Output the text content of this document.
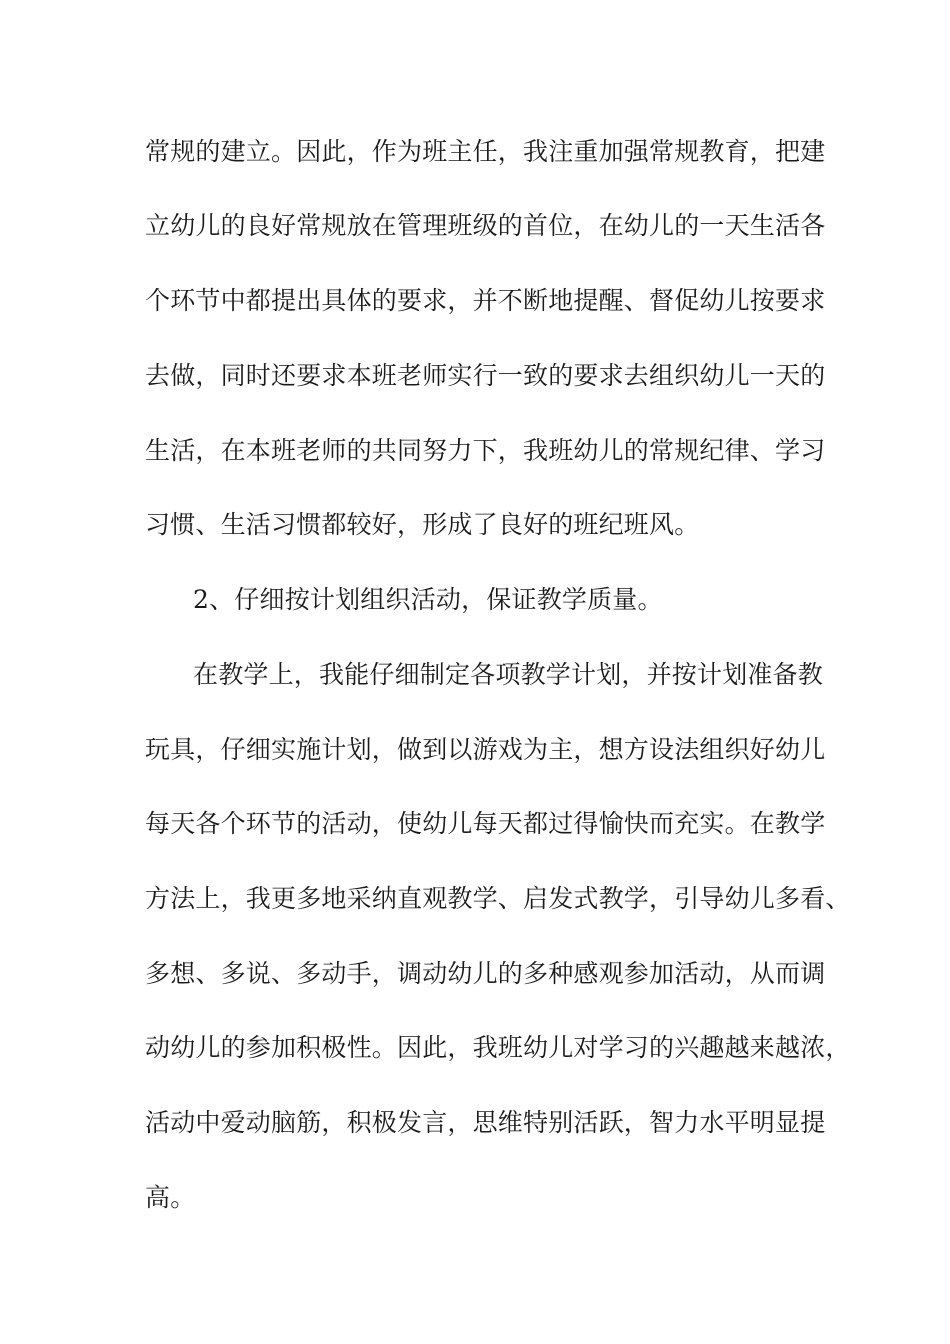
常规的建立。因此，作为班主任，我注重加强常规教育，把建
立幼儿的良好常规放在管理班级的首位，在幼儿的一天生活各
个环节中都提出具体的要求，并不断地提醒、督促幼儿按要求
去做，同时还要求本班老师实行一致的要求去组织幼儿一天的
生活，在本班老师的共同努力下，我班幼儿的常规纪律、学习
习惯、生活习惯都较好，形成了良好的班纪班风。
2、仔细按计划组织活动，保证教学质量。
在教学上，我能仔细制定各项教学计划，并按计划准备教
玩具，仔细实施计划，做到以游戏为主，想方设法组织好幼儿
每天各个环节的活动，使幼儿每天都过得愉快而充实。在教学
方法上，我更多地采纳直观教学、启发式教学，引导幼儿多看、
多想、多说、多动手，调动幼儿的多种感观参加活动，从而调
动幼儿的参加积极性。因此，我班幼儿对学习的兴趣越来越浓，
活动中爱动脑筋，积极发言，思维特别活跃，智力水平明显提
高。
